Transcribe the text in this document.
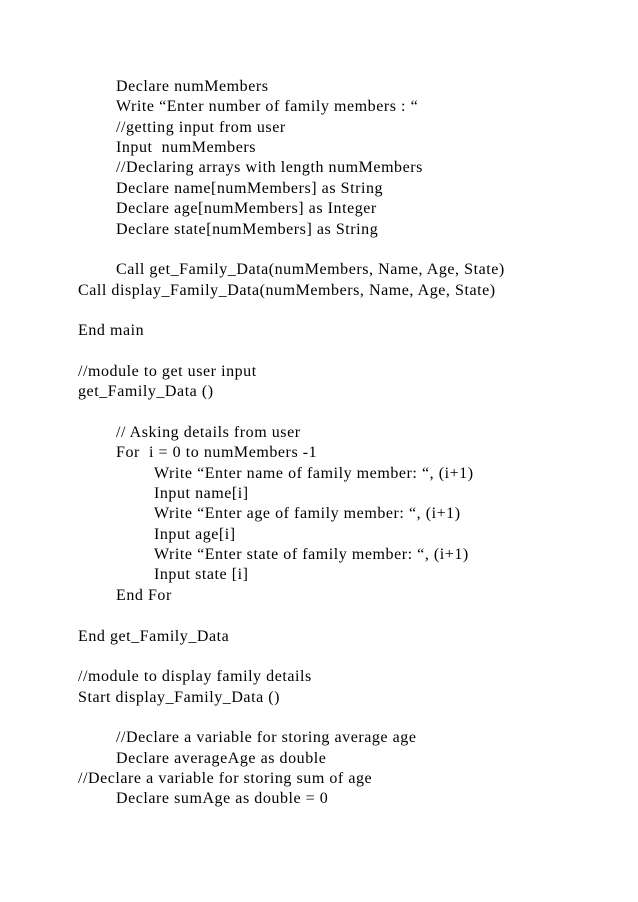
Declare numMembers
Write “Enter number of family members : “
//getting input from user
Input  numMembers
//Declaring arrays with length numMembers
Declare name[numMembers] as String
Declare age[numMembers] as Integer
Declare state[numMembers] as String
Call get_Family_Data(numMembers, Name, Age, State)
Call display_Family_Data(numMembers, Name, Age, State)
End main
//module to get user input
get_Family_Data ()
// Asking details from user
For  i = 0 to numMembers -1
Write “Enter name of family member: “, (i+1)
Input name[i]
Write “Enter age of family member: “, (i+1)
Input age[i]
Write “Enter state of family member: “, (i+1)
Input state [i]
End For
End get_Family_Data
//module to display family details
Start display_Family_Data ()
//Declare a variable for storing average age
Declare averageAge as double
//Declare a variable for storing sum of age
Declare sumAge as double = 0
